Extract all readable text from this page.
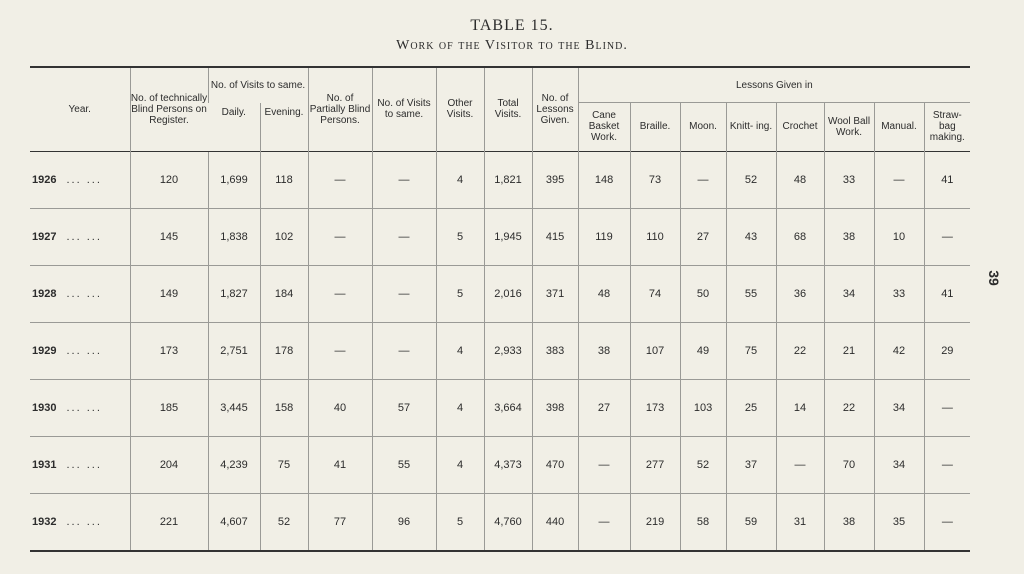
TABLE 15.
Work of the Visitor to the Blind.
39
Year.	No. of technically Blind Persons on Register.	No. of Visits to same.		No. of Partially Blind Persons.	No. of Visits to same.	Other Visits.	Total Visits.	No. of Lessons Given.	Lessons Given in							
		Daily.	Evening.						Cane Basket Work.	Braille.	Moon.	Knitt- ing.	Crochet	Wool Ball Work.	Manual.	Straw- bag making.
1926 ... ...	120	1,699	118	—	—	4	1,821	395	148	73	—	52	48	33	—	41
1927 ... ...	145	1,838	102	—	—	5	1,945	415	119	110	27	43	68	38	10	—
1928 ... ...	149	1,827	184	—	—	5	2,016	371	48	74	50	55	36	34	33	41
1929 ... ...	173	2,751	178	—	—	4	2,933	383	38	107	49	75	22	21	42	29
1930 ... ...	185	3,445	158	40	57	4	3,664	398	27	173	103	25	14	22	34	—
1931 ... ...	204	4,239	75	41	55	4	4,373	470	—	277	52	37	—	70	34	—
1932 ... ...	221	4,607	52	77	96	5	4,760	440	—	219	58	59	31	38	35	—
